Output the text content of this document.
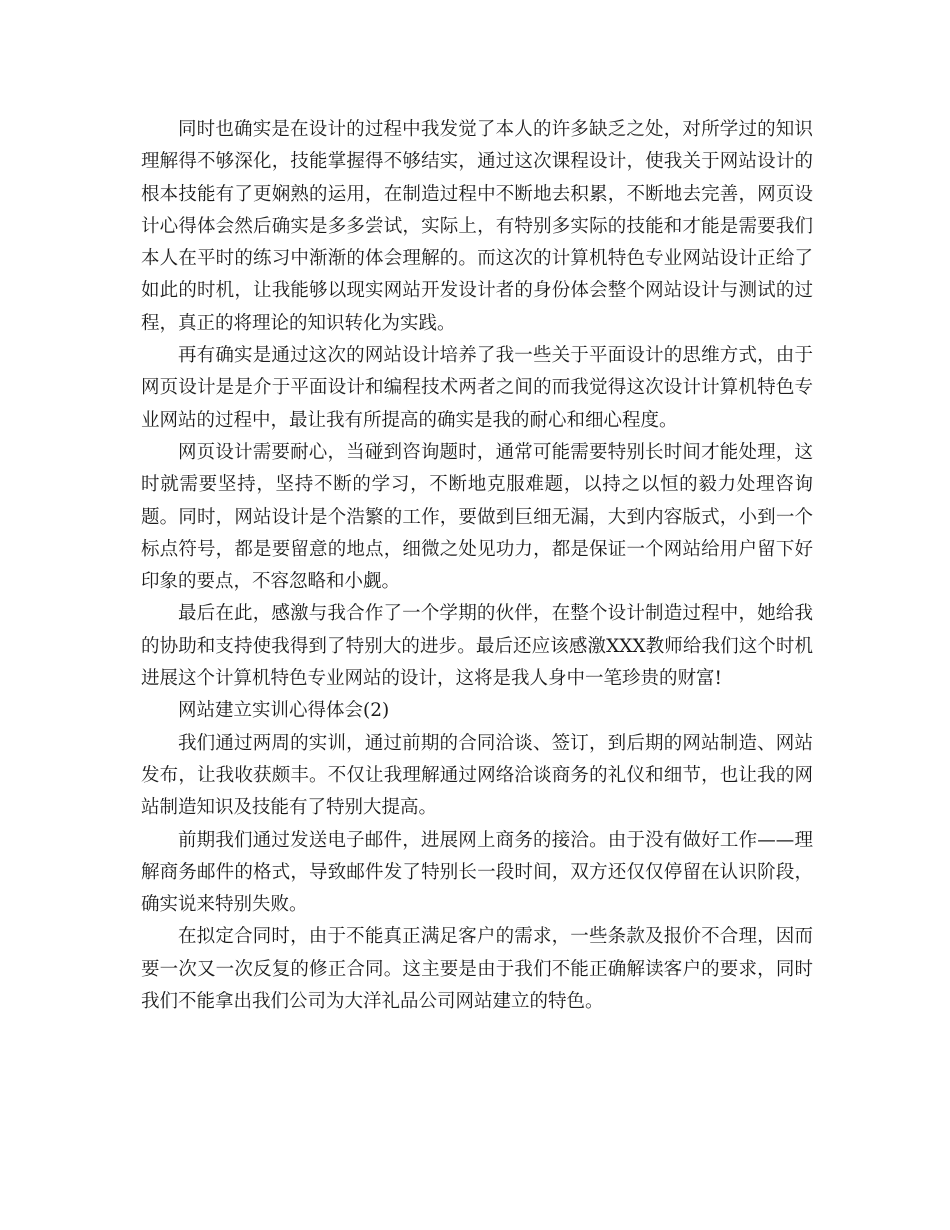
同时也确实是在设计的过程中我发觉了本人的许多缺乏之处，对所学过的知识理解得不够深化，技能掌握得不够结实，通过这次课程设计，使我关于网站设计的根本技能有了更娴熟的运用，在制造过程中不断地去积累，不断地去完善，网页设计心得体会然后确实是多多尝试，实际上，有特别多实际的技能和才能是需要我们本人在平时的练习中渐渐的体会理解的。而这次的计算机特色专业网站设计正给了如此的时机，让我能够以现实网站开发设计者的身份体会整个网站设计与测试的过程，真正的将理论的知识转化为实践。

再有确实是通过这次的网站设计培养了我一些关于平面设计的思维方式，由于网页设计是是介于平面设计和编程技术两者之间的而我觉得这次设计计算机特色专业网站的过程中，最让我有所提高的确实是我的耐心和细心程度。

网页设计需要耐心，当碰到咨询题时，通常可能需要特别长时间才能处理，这时就需要坚持，坚持不断的学习，不断地克服难题，以持之以恒的毅力处理咨询题。同时，网站设计是个浩繁的工作，要做到巨细无漏，大到内容版式，小到一个标点符号，都是要留意的地点，细微之处见功力，都是保证一个网站给用户留下好印象的要点，不容忽略和小觑。

最后在此，感激与我合作了一个学期的伙伴，在整个设计制造过程中，她给我的协助和支持使我得到了特别大的进步。最后还应该感激XXX教师给我们这个时机进展这个计算机特色专业网站的设计，这将是我人身中一笔珍贵的财富!

网站建立实训心得体会(2)

我们通过两周的实训，通过前期的合同洽谈、签订，到后期的网站制造、网站发布，让我收获颇丰。不仅让我理解通过网络洽谈商务的礼仪和细节，也让我的网站制造知识及技能有了特别大提高。

前期我们通过发送电子邮件，进展网上商务的接洽。由于没有做好工作——理解商务邮件的格式，导致邮件发了特别长一段时间，双方还仅仅停留在认识阶段，确实说来特别失败。

在拟定合同时，由于不能真正满足客户的需求，一些条款及报价不合理，因而要一次又一次反复的修正合同。这主要是由于我们不能正确解读客户的要求，同时我们不能拿出我们公司为大洋礼品公司网站建立的特色。
